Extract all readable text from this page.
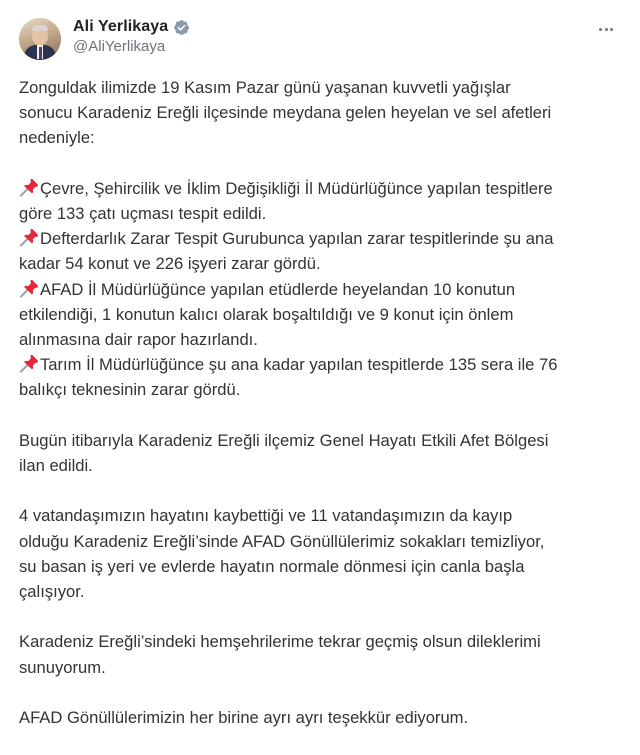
Ali Yerlikaya
@AliYerlikaya
Zonguldak ilimizde 19 Kasım Pazar günü yaşanan kuvvetli yağışlar
sonucu Karadeniz Ereğli ilçesinde meydana gelen heyelan ve sel afetleri
nedeniyle:
Çevre, Şehircilik ve İklim Değişikliği İl Müdürlüğünce yapılan tespitlere
göre 133 çatı uçması tespit edildi.
Defterdarlık Zarar Tespit Gurubunca yapılan zarar tespitlerinde şu ana
kadar 54 konut ve 226 işyeri zarar gördü.
AFAD İl Müdürlüğünce yapılan etüdlerde heyelandan 10 konutun
etkilendiği, 1 konutun kalıcı olarak boşaltıldığı ve 9 konut için önlem
alınmasına dair rapor hazırlandı.
Tarım İl Müdürlüğünce şu ana kadar yapılan tespitlerde 135 sera ile 76
balıkçı teknesinin zarar gördü.
Bugün itibarıyla Karadeniz Ereğli ilçemiz Genel Hayatı Etkili Afet Bölgesi
ilan edildi.
4 vatandaşımızın hayatını kaybettiği ve 11 vatandaşımızın da kayıp
olduğu Karadeniz Ereğli’sinde AFAD Gönüllülerimiz sokakları temizliyor,
su basan iş yeri ve evlerde hayatın normale dönmesi için canla başla
çalışıyor.
Karadeniz Ereğli’sindeki hemşehrilerime tekrar geçmiş olsun dileklerimi
sunuyorum.
AFAD Gönüllülerimizin her birine ayrı ayrı teşekkür ediyorum.
